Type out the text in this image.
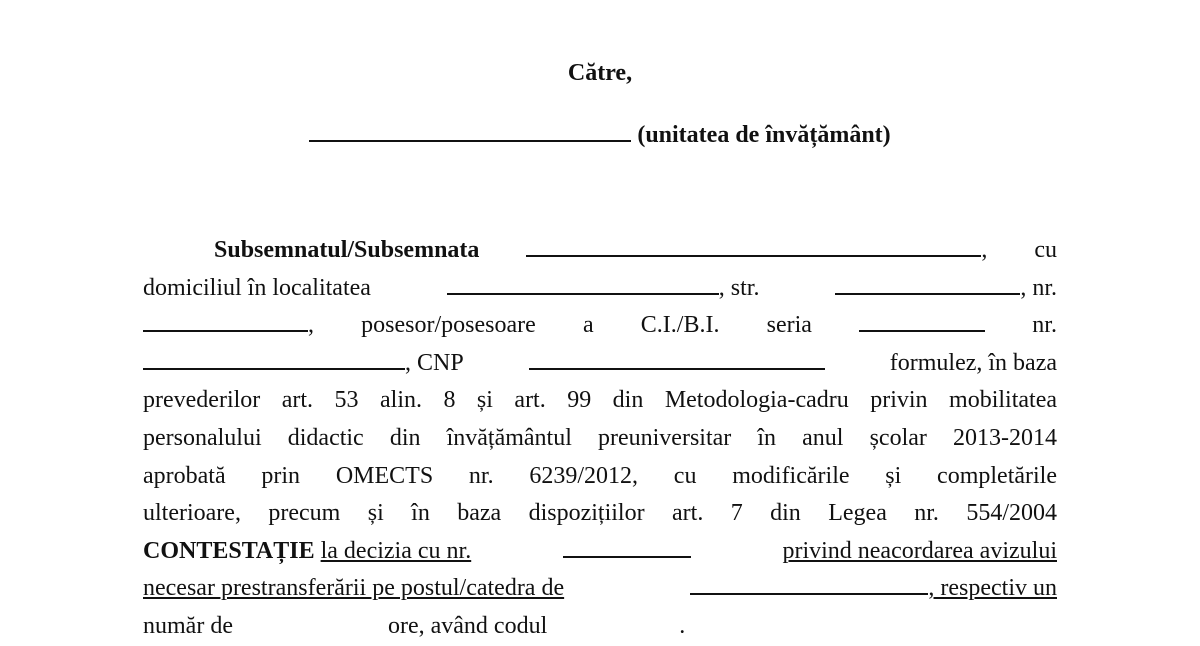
Către,
(unitatea de învățământ)
Subsemnatul/Subsemnata	, cu
domiciliul în localitatea	, str.	, nr.
, posesor/posesoare a C.I./B.I. seria	nr.
, CNP	formulez, în baza
prevederilor art. 53 alin. 8 și art. 99 din Metodologia-cadru privin mobilitatea
personalului didactic din învățământul preuniversitar în anul școlar 2013-2014
aprobată prin OMECTS nr. 6239/2012, cu modificările și completările
ulterioare, precum și în baza dispozițiilor art. 7 din Legea nr. 554/2004
CONTESTAȚIE la decizia cu nr.	privind neacordarea avizului
necesar prestransferării pe postul/catedra de	, respectiv un
număr de	ore, având codul	.
